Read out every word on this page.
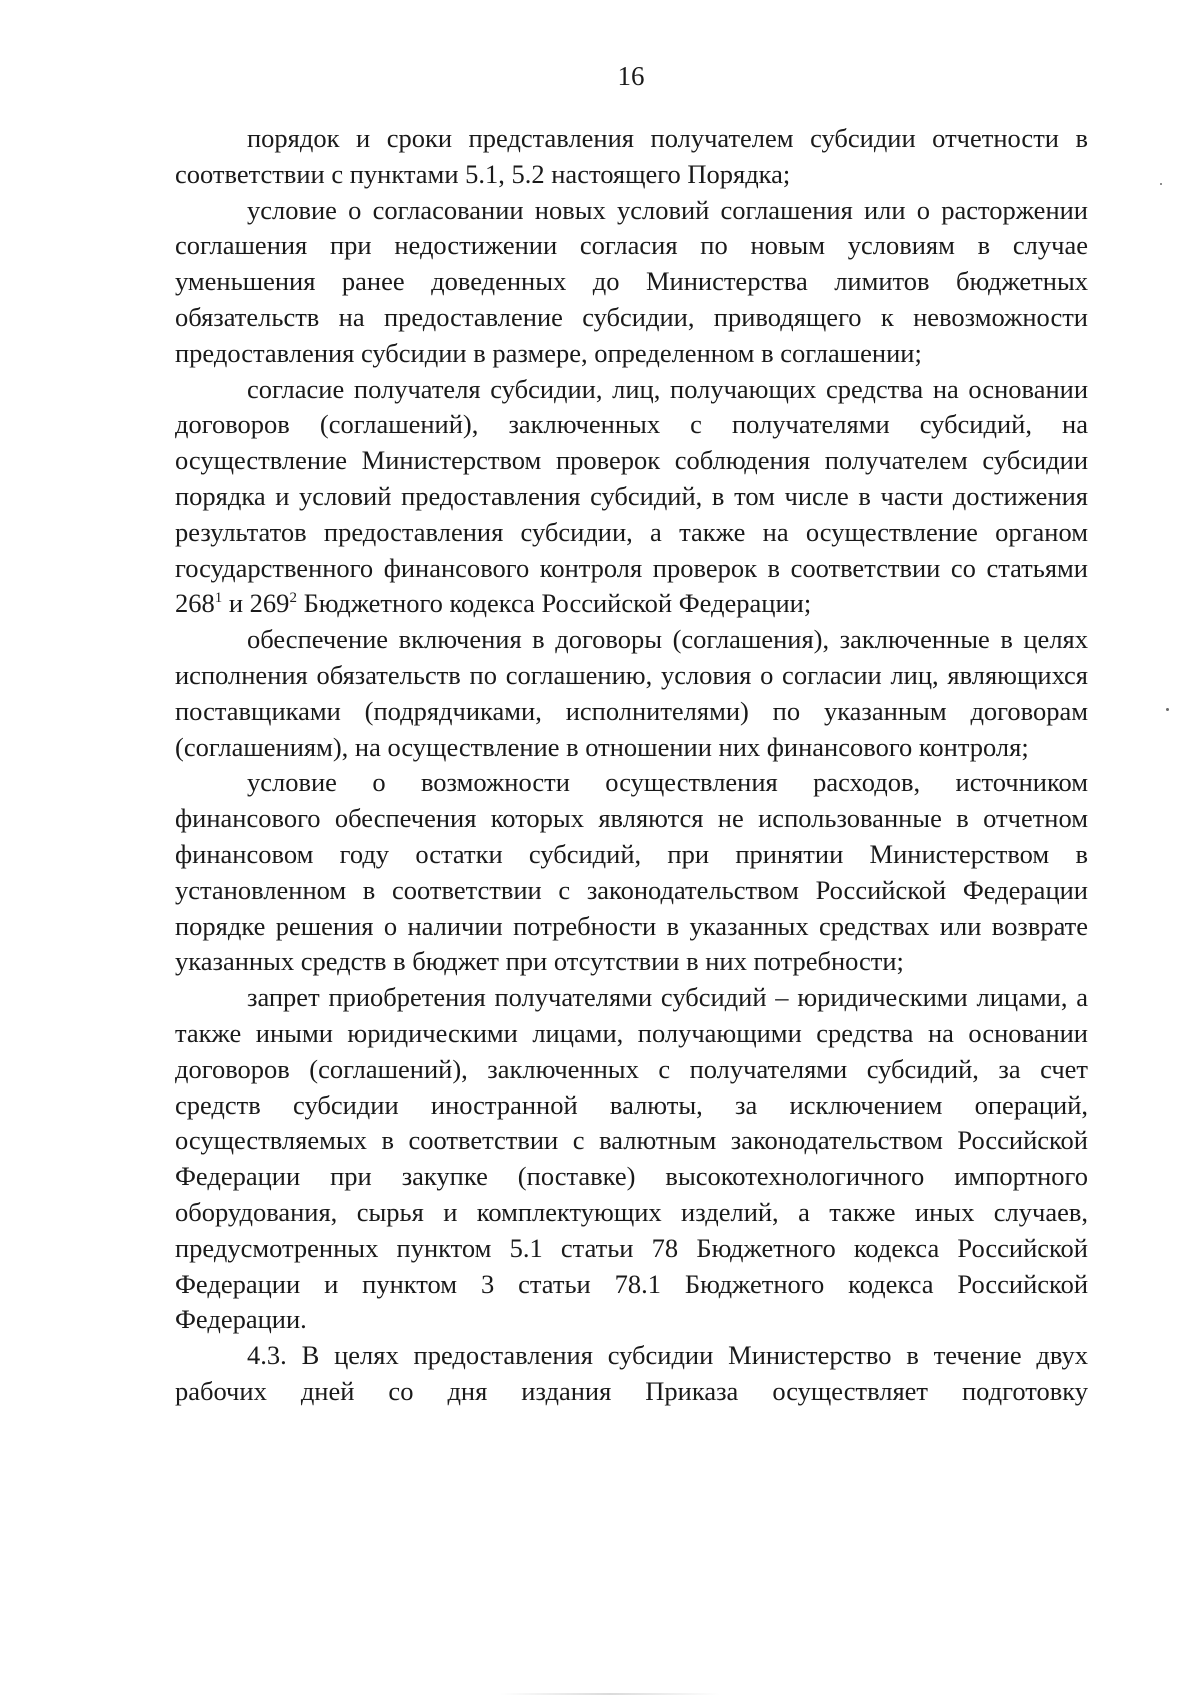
16

порядок и сроки представления получателем субсидии отчетности в соответствии с пунктами 5.1, 5.2 настоящего Порядка;

условие о согласовании новых условий соглашения или о расторжении соглашения при недостижении согласия по новым условиям в случае уменьшения ранее доведенных до Министерства лимитов бюджетных обязательств на предоставление субсидии, приводящего к невозможности предоставления субсидии в размере, определенном в соглашении;

согласие получателя субсидии, лиц, получающих средства на основании договоров (соглашений), заключенных с получателями субсидий, на осуществление Министерством проверок соблюдения получателем субсидии порядка и условий предоставления субсидий, в том числе в части достижения результатов предоставления субсидии, а также на осуществление органом государственного финансового контроля проверок в соответствии со статьями $268^1$ и $269^2$ Бюджетного кодекса Российской Федерации;

обеспечение включения в договоры (соглашения), заключенные в целях исполнения обязательств по соглашению, условия о согласии лиц, являющихся поставщиками (подрядчиками, исполнителями) по указанным договорам (соглашениям), на осуществление в отношении них финансового контроля;

условие о возможности осуществления расходов, источником финансового обеспечения которых являются не использованные в отчетном финансовом году остатки субсидий, при принятии Министерством в установленном в соответствии с законодательством Российской Федерации порядке решения о наличии потребности в указанных средствах или возврате указанных средств в бюджет при отсутствии в них потребности;

запрет приобретения получателями субсидий – юридическими лицами, а также иными юридическими лицами, получающими средства на основании договоров (соглашений), заключенных с получателями субсидий, за счет средств субсидии иностранной валюты, за исключением операций, осуществляемых в соответствии с валютным законодательством Российской Федерации при закупке (поставке) высокотехнологичного импортного оборудования, сырья и комплектующих изделий, а также иных случаев, предусмотренных пунктом 5.1 статьи 78 Бюджетного кодекса Российской Федерации и пунктом 3 статьи 78.1 Бюджетного кодекса Российской Федерации.

4.3. В целях предоставления субсидии Министерство в течение двух рабочих дней со дня издания Приказа осуществляет подготовку
